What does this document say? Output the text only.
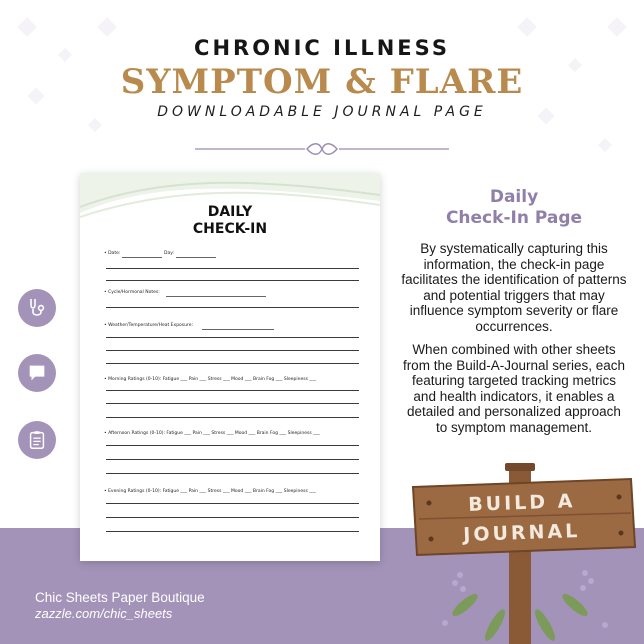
CHRONIC ILLNESS
SYMPTOM & FLARE
DOWNLOADABLE JOURNAL PAGE
DAILY
CHECK-IN
• Date:	Day:
• Cycle/Hormonal Notes:
• Weather/Temperature/Heat Exposure:
• Morning Ratings (0-10): Fatigue ___ Pain ___ Stress ___ Mood ___ Brain Fog ___ Sleepiness ___
• Afternoon Ratings (0-10): Fatigue ___ Pain ___ Stress ___ Mood ___ Brain Fog ___ Sleepiness ___
• Evening Ratings (0-10): Fatigue ___ Pain ___ Stress ___ Mood ___ Brain Fog ___ Sleepiness ___
Daily
Check-In Page
By systematically capturing this information, the check-in page facilitates the identification of patterns and potential triggers that may influence symptom severity or flare occurrences.
When combined with other sheets from the Build-A-Journal series, each featuring targeted tracking metrics and health indicators, it enables a detailed and personalized approach to symptom management.
BUILD A
JOURNAL
Chic Sheets Paper Boutique
zazzle.com/chic_sheets
